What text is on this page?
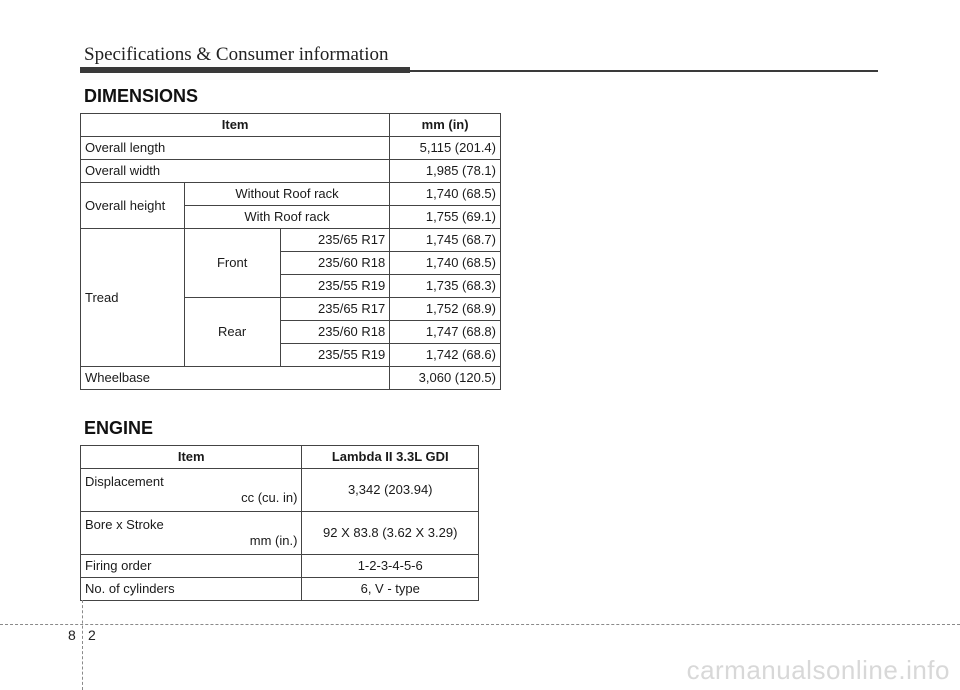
Specifications & Consumer information
DIMENSIONS
Item			mm (in)
Overall length			5,115 (201.4)
Overall width			1,985 (78.1)
Overall height	Without Roof rack		1,740 (68.5)
	With Roof rack		1,755 (69.1)
Tread	Front	235/65 R17	1,745 (68.7)
		235/60 R18	1,740 (68.5)
		235/55 R19	1,735 (68.3)
	Rear	235/65 R17	1,752 (68.9)
		235/60 R18	1,747 (68.8)
		235/55 R19	1,742 (68.6)
Wheelbase			3,060 (120.5)
ENGINE
Item	Lambda II 3.3L GDI

Displacement
cc (cu. in)	3,342 (203.94)

Bore x Stroke
mm (in.)	92 X 83.8 (3.62 X 3.29)
Firing order	1-2-3-4-5-6
No. of cylinders	6, V - type
8 2
carmanualsonline.info
